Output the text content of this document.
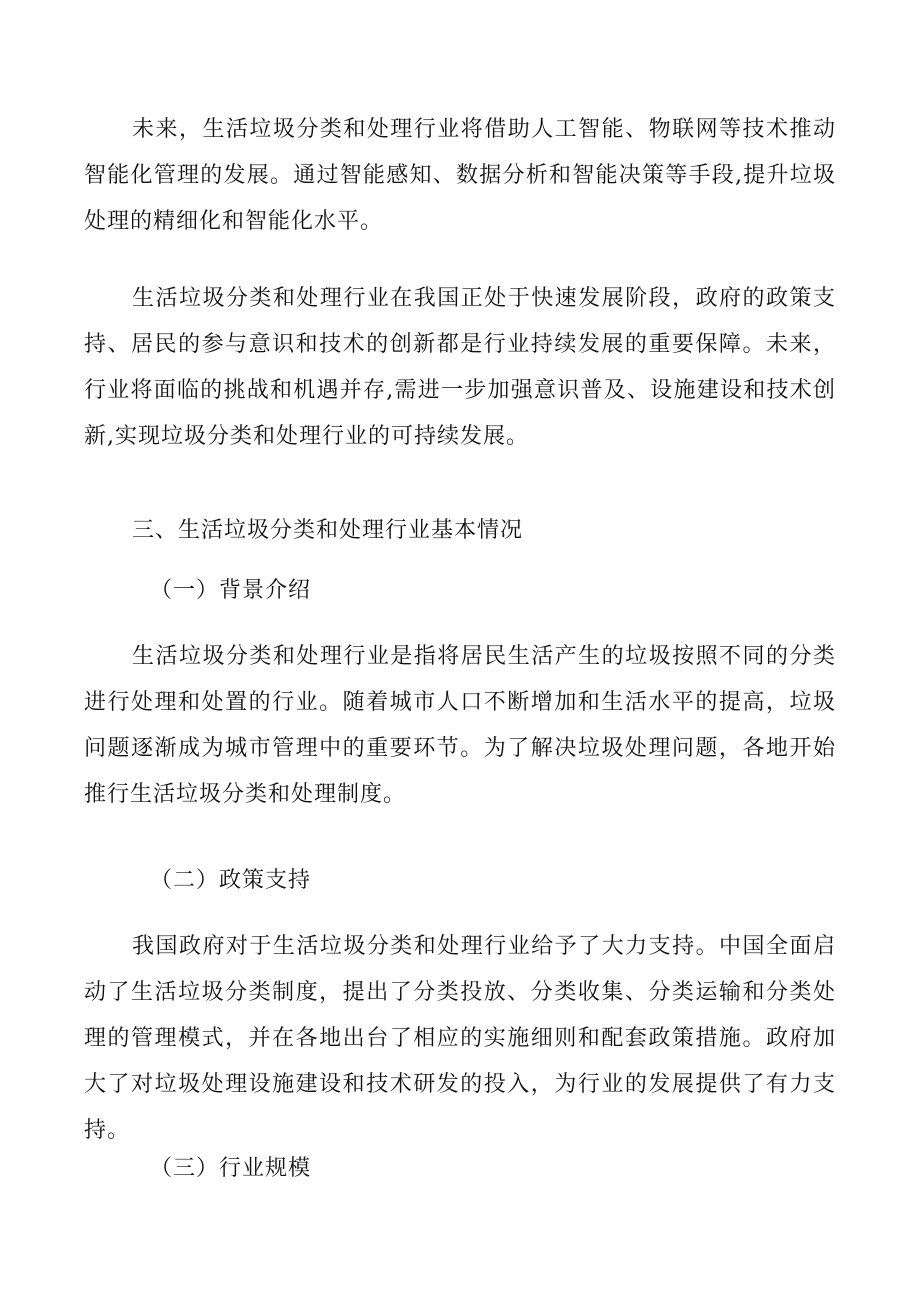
未来，生活垃圾分类和处理行业将借助人工智能、物联网等技术推动智能化管理的发展。通过智能感知、数据分析和智能决策等手段,提升垃圾处理的精细化和智能化水平。

生活垃圾分类和处理行业在我国正处于快速发展阶段，政府的政策支持、居民的参与意识和技术的创新都是行业持续发展的重要保障。未来，行业将面临的挑战和机遇并存,需进一步加强意识普及、设施建设和技术创新,实现垃圾分类和处理行业的可持续发展。

三、生活垃圾分类和处理行业基本情况
（一）背景介绍

生活垃圾分类和处理行业是指将居民生活产生的垃圾按照不同的分类进行处理和处置的行业。随着城市人口不断增加和生活水平的提高，垃圾问题逐渐成为城市管理中的重要环节。为了解决垃圾处理问题，各地开始推行生活垃圾分类和处理制度。

（二）政策支持

我国政府对于生活垃圾分类和处理行业给予了大力支持。中国全面启动了生活垃圾分类制度，提出了分类投放、分类收集、分类运输和分类处理的管理模式，并在各地出台了相应的实施细则和配套政策措施。政府加大了对垃圾处理设施建设和技术研发的投入，为行业的发展提供了有力支持。

（三）行业规模
